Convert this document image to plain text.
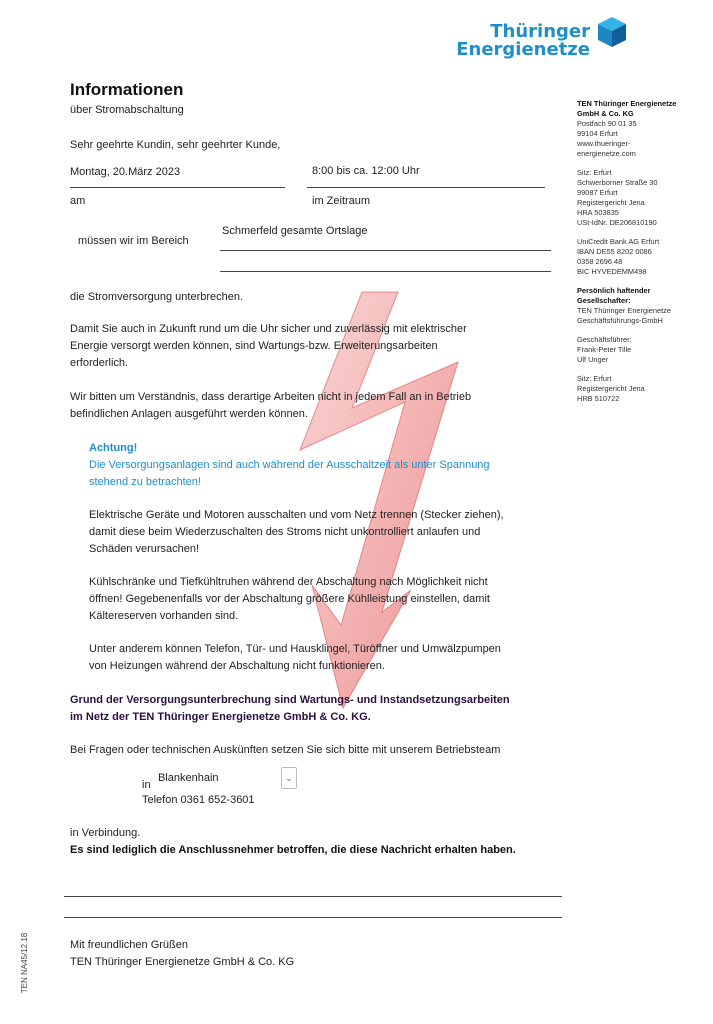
Thüringer
Energienetze
Informationen
über Stromabschaltung
Sehr geehrte Kundin, sehr geehrter Kunde,
Montag, 20.März 2023
am
8:00 bis ca. 12:00 Uhr
im Zeitraum
müssen wir im Bereich
Schmerfeld gesamte Ortslage
die Stromversorgung unterbrechen.
Damit Sie auch in Zukunft rund um die Uhr sicher und zuverlässig mit elektrischer
Energie versorgt werden können, sind Wartungs-bzw. Erweiterungsarbeiten
erforderlich.
Wir bitten um Verständnis, dass derartige Arbeiten nicht in jedem Fall an in Betrieb
befindlichen Anlagen ausgeführt werden können.
Achtung!
Die Versorgungsanlagen sind auch während der Ausschaltzeit als unter Spannung
stehend zu betrachten!
Elektrische Geräte und Motoren ausschalten und vom Netz trennen (Stecker ziehen),
damit diese beim Wiederzuschalten des Stroms nicht unkontrolliert anlaufen und
Schäden verursachen!
Kühlschränke und Tiefkühltruhen während der Abschaltung nach Möglichkeit nicht
öffnen! Gegebenenfalls vor der Abschaltung größere Kühlleistung einstellen, damit
Kältereserven vorhanden sind.
Unter anderem können Telefon, Tür- und Hausklingel, Türöffner und Umwälzpumpen
von Heizungen während der Abschaltung nicht funktionieren.
Grund der Versorgungsunterbrechung sind Wartungs- und Instandsetzungsarbeiten
im Netz der TEN Thüringer Energienetze GmbH & Co. KG.
Bei Fragen oder technischen Auskünften setzen Sie sich bitte mit unserem Betriebsteam
in
Blankenhain	⌄
Telefon 0361 652-3601
in Verbindung.
Es sind lediglich die Anschlussnehmer betroffen, die diese Nachricht erhalten haben.
Mit freundlichen Grüßen
TEN Thüringer Energienetze GmbH & Co. KG
TEN NA45/12.18

TEN Thüringer Energienetze
GmbH & Co. KG
Postfach 90 01 35
99104 Erfurt
www.thueringer-
energienetze.com

Sitz: Erfurt
Schwerborner Straße 30
99087 Erfurt
Registergericht Jena
HRA 503835
USt-IdNr. DE206810190

UniCredit Bank AG Erfurt
IBAN DE55 8202 0086
0358 2696 48
BIC HYVEDEMM498

Persönlich haftender
Gesellschafter:
TEN Thüringer Energienetze
Geschäftsführungs-GmbH

Geschäftsführer:
Frank-Peter Tille
Ulf Unger

Sitz: Erfurt
Registergericht Jena
HRB 510722
